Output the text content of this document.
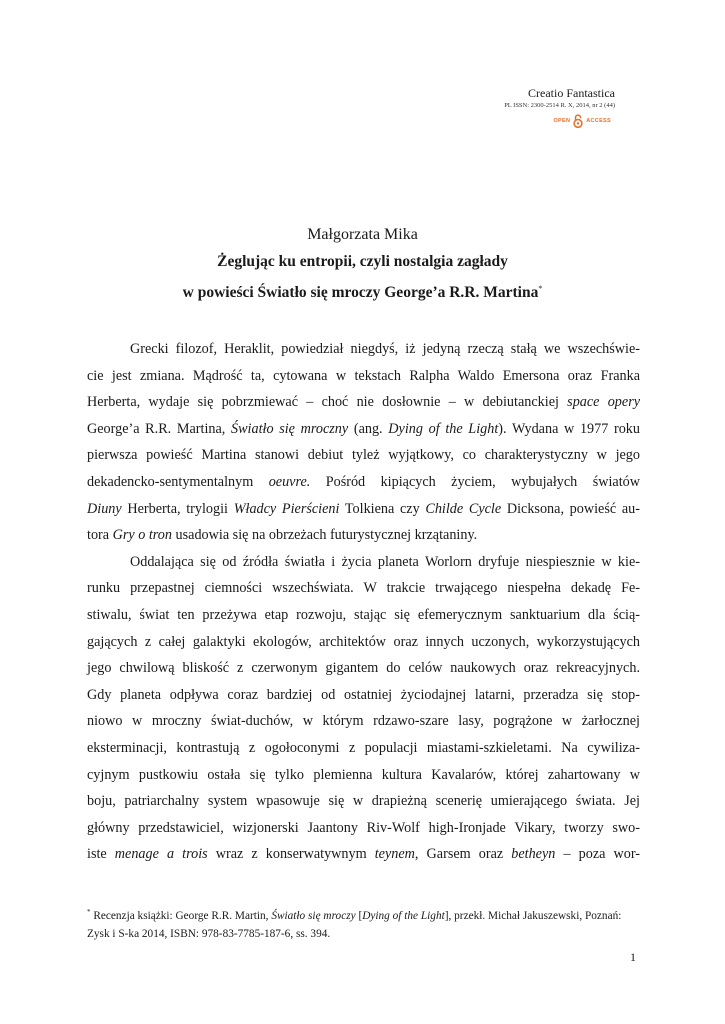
Creatio Fantastica
PL ISSN: 2300-2514 R. X, 2014, nr 2 (44)
OPEN	ACCESS
Małgorzata Mika
Żeglując ku entropii, czyli nostalgia zagłady
w powieści Światło się mroczy George’a R.R. Martina*
Grecki filozof, Heraklit, powiedział niegdyś, iż jedyną rzeczą stałą we wszechświe-
cie jest zmiana. Mądrość ta, cytowana w tekstach Ralpha Waldo Emersona oraz Franka
Herberta, wydaje się pobrzmiewać – choć nie dosłownie – w debiutanckiej space opery
George’a R.R. Martina, Światło się mroczny (ang. Dying of the Light). Wydana w 1977 roku
pierwsza powieść Martina stanowi debiut tyleż wyjątkowy, co charakterystyczny w jego
dekadencko-sentymentalnym oeuvre. Pośród kipiących życiem, wybujałych światów
Diuny Herberta, trylogii Władcy Pierścieni Tolkiena czy Childe Cycle Dicksona, powieść au-
tora Gry o tron usadowia się na obrzeżach futurystycznej krzątaniny.
Oddalająca się od źródła światła i życia planeta Worlorn dryfuje niespiesznie w kie-
runku przepastnej ciemności wszechświata. W trakcie trwającego niespełna dekadę Fe-
stiwalu, świat ten przeżywa etap rozwoju, stając się efemerycznym sanktuarium dla ścią-
gających z całej galaktyki ekologów, architektów oraz innych uczonych, wykorzystujących
jego chwilową bliskość z czerwonym gigantem do celów naukowych oraz rekreacyjnych.
Gdy planeta odpływa coraz bardziej od ostatniej życiodajnej latarni, przeradza się stop-
niowo w mroczny świat-duchów, w którym rdzawo-szare lasy, pogrążone w żarłocznej
eksterminacji, kontrastują z ogołoconymi z populacji miastami-szkieletami. Na cywiliza-
cyjnym pustkowiu ostała się tylko plemienna kultura Kavalarów, której zahartowany w
boju, patriarchalny system wpasowuje się w drapieżną scenerię umierającego świata. Jej
główny przedstawiciel, wizjonerski Jaantony Riv-Wolf high-Ironjade Vikary, tworzy swo-
iste menage a trois wraz z konserwatywnym teynem, Garsem oraz betheyn – poza wor-
* Recenzja książki: George R.R. Martin, Światło się mroczy [Dying of the Light], przekł. Michał Jakuszewski, Poznań: Zysk i S-ka 2014, ISBN: 978-83-7785-187-6, ss. 394.
1
